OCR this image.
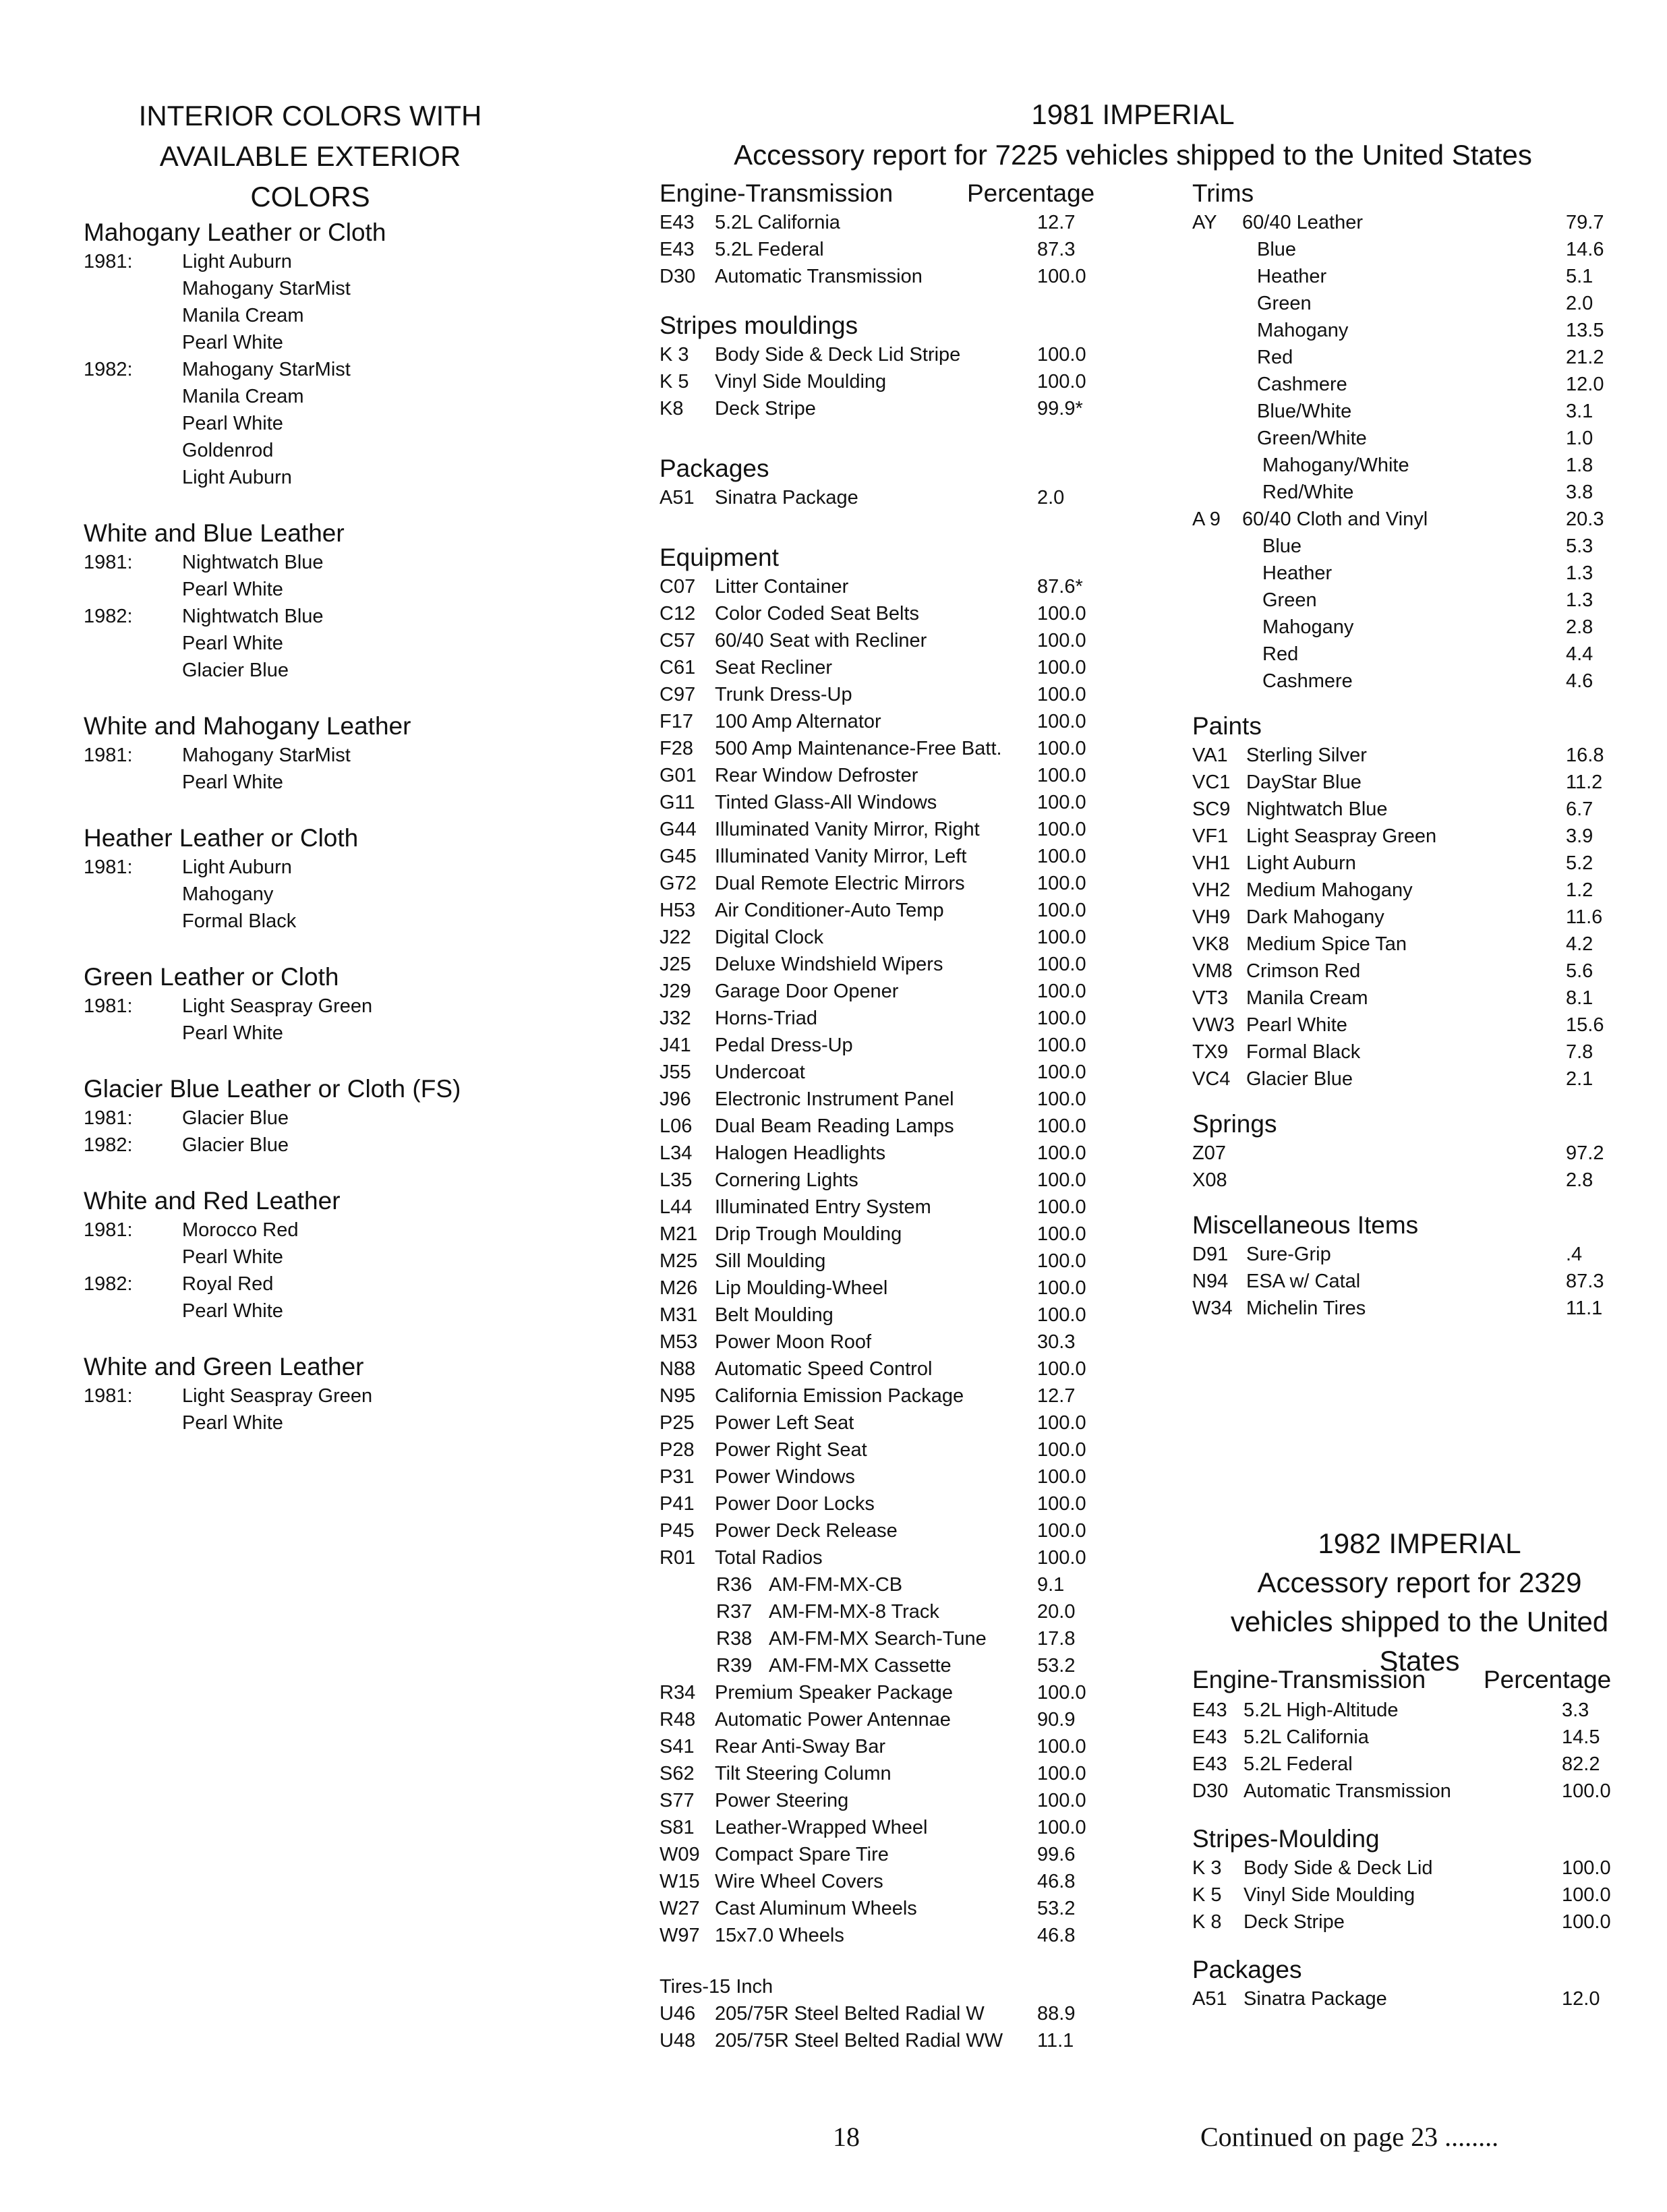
INTERIOR COLORS WITH
AVAILABLE EXTERIOR
COLORS
Mahogany Leather or Cloth
1981:	Light Auburn
Mahogany StarMist
Manila Cream
Pearl White
1982:	Mahogany StarMist
Manila Cream
Pearl White
Goldenrod
Light Auburn
White and Blue Leather
1981:	Nightwatch Blue
Pearl White
1982:	Nightwatch Blue
Pearl White
Glacier Blue
White and Mahogany Leather
1981:	Mahogany StarMist
Pearl White
Heather Leather or Cloth
1981:	Light Auburn
Mahogany
Formal Black
Green Leather or Cloth
1981:	Light Seaspray Green
Pearl White
Glacier Blue Leather or Cloth (FS)
1981:	Glacier Blue
1982:	Glacier Blue
White and Red Leather
1981:	Morocco Red
Pearl White
1982:	Royal Red
Pearl White
White and Green Leather
1981:	Light Seaspray Green
Pearl White
1981 IMPERIAL
Accessory report for 7225 vehicles shipped to the United States
Engine-Transmission	Percentage
E43 5.2L California	12.7
E43 5.2L Federal	87.3
D30 Automatic Transmission	100.0
Stripes mouldings
K 3 Body Side & Deck Lid Stripe	100.0
K 5 Vinyl Side Moulding	100.0
K8 Deck Stripe	99.9*
Packages
A51 Sinatra Package	2.0
Equipment
C07 Litter Container	87.6*
C12 Color Coded Seat Belts	100.0
C57 60/40 Seat with Recliner	100.0
C61 Seat Recliner	100.0
C97 Trunk Dress-Up	100.0
F17 100 Amp Alternator	100.0
F28 500 Amp Maintenance-Free Batt. 100.0
G01 Rear Window Defroster	100.0
G11 Tinted Glass-All Windows	100.0
G44 Illuminated Vanity Mirror, Right	100.0
G45 Illuminated Vanity Mirror, Left	100.0
G72 Dual Remote Electric Mirrors	100.0
H53 Air Conditioner-Auto Temp	100.0
J22 Digital Clock	100.0
J25 Deluxe Windshield Wipers	100.0
J29 Garage Door Opener	100.0
J32 Horns-Triad	100.0
J41 Pedal Dress-Up	100.0
J55 Undercoat	100.0
J96 Electronic Instrument Panel	100.0
L06 Dual Beam Reading Lamps	100.0
L34 Halogen Headlights	100.0
L35 Cornering Lights	100.0
L44 Illuminated Entry System	100.0
M21 Drip Trough Moulding	100.0
M25 Sill Moulding	100.0
M26 Lip Moulding-Wheel	100.0
M31 Belt Moulding	100.0
M53 Power Moon Roof	30.3
N88 Automatic Speed Control	100.0
N95 California Emission Package	12.7
P25 Power Left Seat	100.0
P28 Power Right Seat	100.0
P31 Power Windows	100.0
P41 Power Door Locks	100.0
P45 Power Deck Release	100.0
R01 Total Radios	100.0
R36 AM-FM-MX-CB	9.1
R37 AM-FM-MX-8 Track	20.0
R38 AM-FM-MX Search-Tune	17.8
R39 AM-FM-MX Cassette	53.2
R34 Premium Speaker Package	100.0
R48 Automatic Power Antennae	90.9
S41 Rear Anti-Sway Bar	100.0
S62 Tilt Steering Column	100.0
S77 Power Steering	100.0
S81 Leather-Wrapped Wheel	100.0
W09 Compact Spare Tire	99.6
W15 Wire Wheel Covers	46.8
W27 Cast Aluminum Wheels	53.2
W97 15x7.0 Wheels	46.8
Tires-15 Inch
U46 205/75R Steel Belted Radial W	88.9
U48 205/75R Steel Belted Radial WW 11.1
Trims
AY 60/40 Leather	79.7
Blue	14.6
Heather	5.1
Green	2.0
Mahogany	13.5
Red	21.2
Cashmere	12.0
Blue/White	3.1
Green/White	1.0
Mahogany/White	1.8
Red/White	3.8
A 9 60/40 Cloth and Vinyl	20.3
Blue	5.3
Heather	1.3
Green	1.3
Mahogany	2.8
Red	4.4
Cashmere	4.6
Paints
VA1 Sterling Silver	16.8
VC1 DayStar Blue	11.2
SC9 Nightwatch Blue	6.7
VF1 Light Seaspray Green	3.9
VH1 Light Auburn	5.2
VH2 Medium Mahogany	1.2
VH9 Dark Mahogany	11.6
VK8 Medium Spice Tan	4.2
VM8 Crimson Red	5.6
VT3 Manila Cream	8.1
VW3 Pearl White	15.6
TX9 Formal Black	7.8
VC4 Glacier Blue	2.1
Springs
Z07	97.2
X08	2.8
Miscellaneous Items
D91 Sure-Grip	.4
N94 ESA w/ Catal	87.3
W34 Michelin Tires	11.1
1982 IMPERIAL
Accessory report for 2329
vehicles shipped to the United States
Engine-Transmission Percentage
E43 5.2L High-Altitude	3.3
E43 5.2L California	14.5
E43 5.2L Federal	82.2
D30 Automatic Transmission	100.0
Stripes-Moulding
K 3 Body Side & Deck Lid	100.0
K 5 Vinyl Side Moulding	100.0
K 8 Deck Stripe	100.0
Packages
A51 Sinatra Package	12.0
18	Continued on page 23 ........
